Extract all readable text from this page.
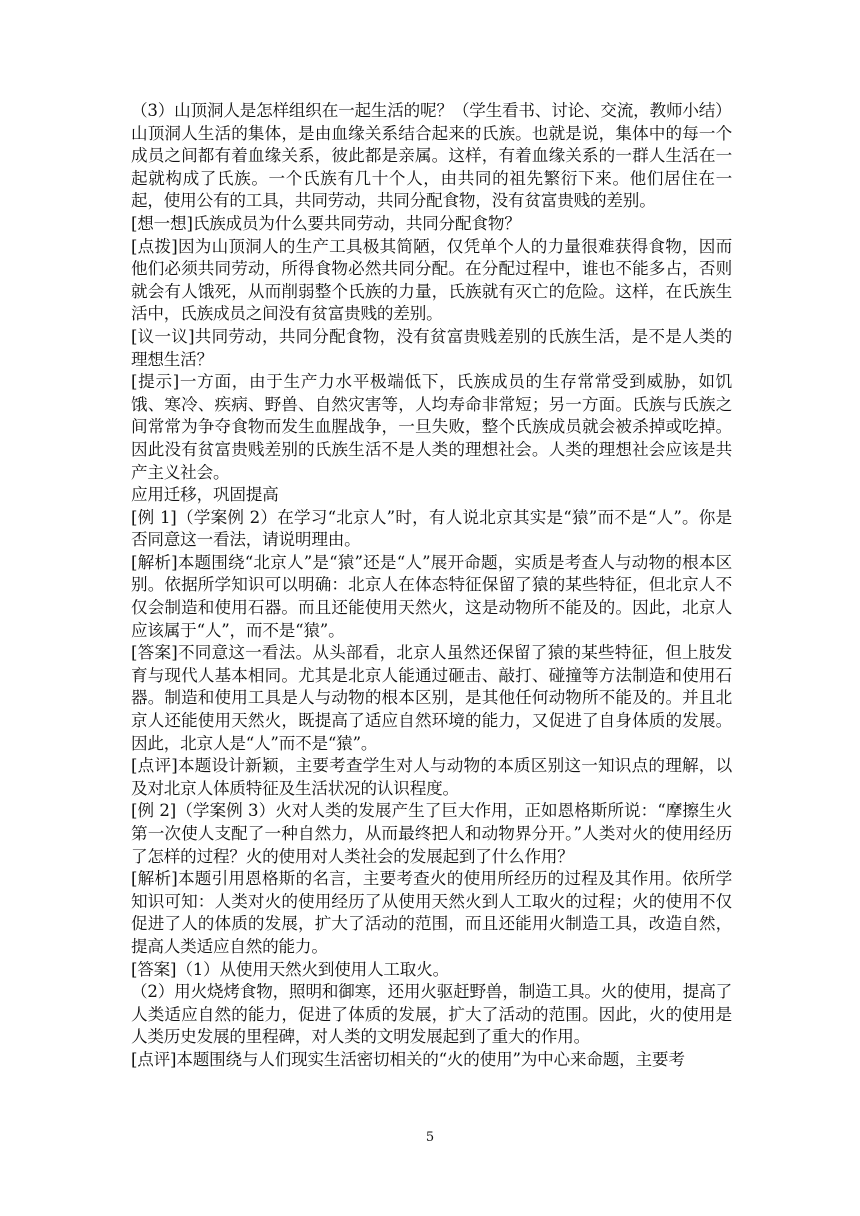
（3）山顶洞人是怎样组织在一起生活的呢？（学生看书、讨论、交流，教师小结）

山顶洞人生活的集体，是由血缘关系结合起来的氏族。也就是说，集体中的每一个成员之间都有着血缘关系，彼此都是亲属。这样，有着血缘关系的一群人生活在一起就构成了氏族。一个氏族有几十个人，由共同的祖先繁衍下来。他们居住在一起，使用公有的工具，共同劳动，共同分配食物，没有贫富贵贱的差别。

[想一想]氏族成员为什么要共同劳动，共同分配食物？

[点拨]因为山顶洞人的生产工具极其简陋，仅凭单个人的力量很难获得食物，因而他们必须共同劳动，所得食物必然共同分配。在分配过程中，谁也不能多占，否则就会有人饿死，从而削弱整个氏族的力量，氏族就有灭亡的危险。这样，在氏族生活中，氏族成员之间没有贫富贵贱的差别。

[议一议]共同劳动，共同分配食物，没有贫富贵贱差别的氏族生活，是不是人类的理想生活？

[提示]一方面，由于生产力水平极端低下，氏族成员的生存常常受到威胁，如饥饿、寒冷、疾病、野兽、自然灾害等，人均寿命非常短；另一方面。氏族与氏族之间常常为争夺食物而发生血腥战争，一旦失败，整个氏族成员就会被杀掉或吃掉。因此没有贫富贵贱差别的氏族生活不是人类的理想社会。人类的理想社会应该是共产主义社会。

应用迁移，巩固提高

[例 1]（学案例 2）在学习“北京人”时，有人说北京其实是“猿”而不是“人”。你是否同意这一看法，请说明理由。

[解析]本题围绕“北京人”是“猿”还是“人”展开命题，实质是考查人与动物的根本区别。依据所学知识可以明确：北京人在体态特征保留了猿的某些特征，但北京人不仅会制造和使用石器。而且还能使用天然火，这是动物所不能及的。因此，北京人应该属于“人”，而不是“猿”。

[答案]不同意这一看法。从头部看，北京人虽然还保留了猿的某些特征，但上肢发育与现代人基本相同。尤其是北京人能通过砸击、敲打、碰撞等方法制造和使用石器。制造和使用工具是人与动物的根本区别，是其他任何动物所不能及的。并且北京人还能使用天然火，既提高了适应自然环境的能力，又促进了自身体质的发展。因此，北京人是“人”而不是“猿”。

[点评]本题设计新颖，主要考查学生对人与动物的本质区别这一知识点的理解，以及对北京人体质特征及生活状况的认识程度。

[例 2]（学案例 3）火对人类的发展产生了巨大作用，正如恩格斯所说：“摩擦生火第一次使人支配了一种自然力，从而最终把人和动物界分开。”人类对火的使用经历了怎样的过程？火的使用对人类社会的发展起到了什么作用？

[解析]本题引用恩格斯的名言，主要考查火的使用所经历的过程及其作用。依所学知识可知：人类对火的使用经历了从使用天然火到人工取火的过程；火的使用不仅促进了人的体质的发展，扩大了活动的范围，而且还能用火制造工具，改造自然，提高人类适应自然的能力。

[答案]（1）从使用天然火到使用人工取火。

（2）用火烧烤食物，照明和御寒，还用火驱赶野兽，制造工具。火的使用，提高了人类适应自然的能力，促进了体质的发展，扩大了活动的范围。因此，火的使用是人类历史发展的里程碑，对人类的文明发展起到了重大的作用。

[点评]本题围绕与人们现实生活密切相关的“火的使用”为中心来命题，主要考

5
